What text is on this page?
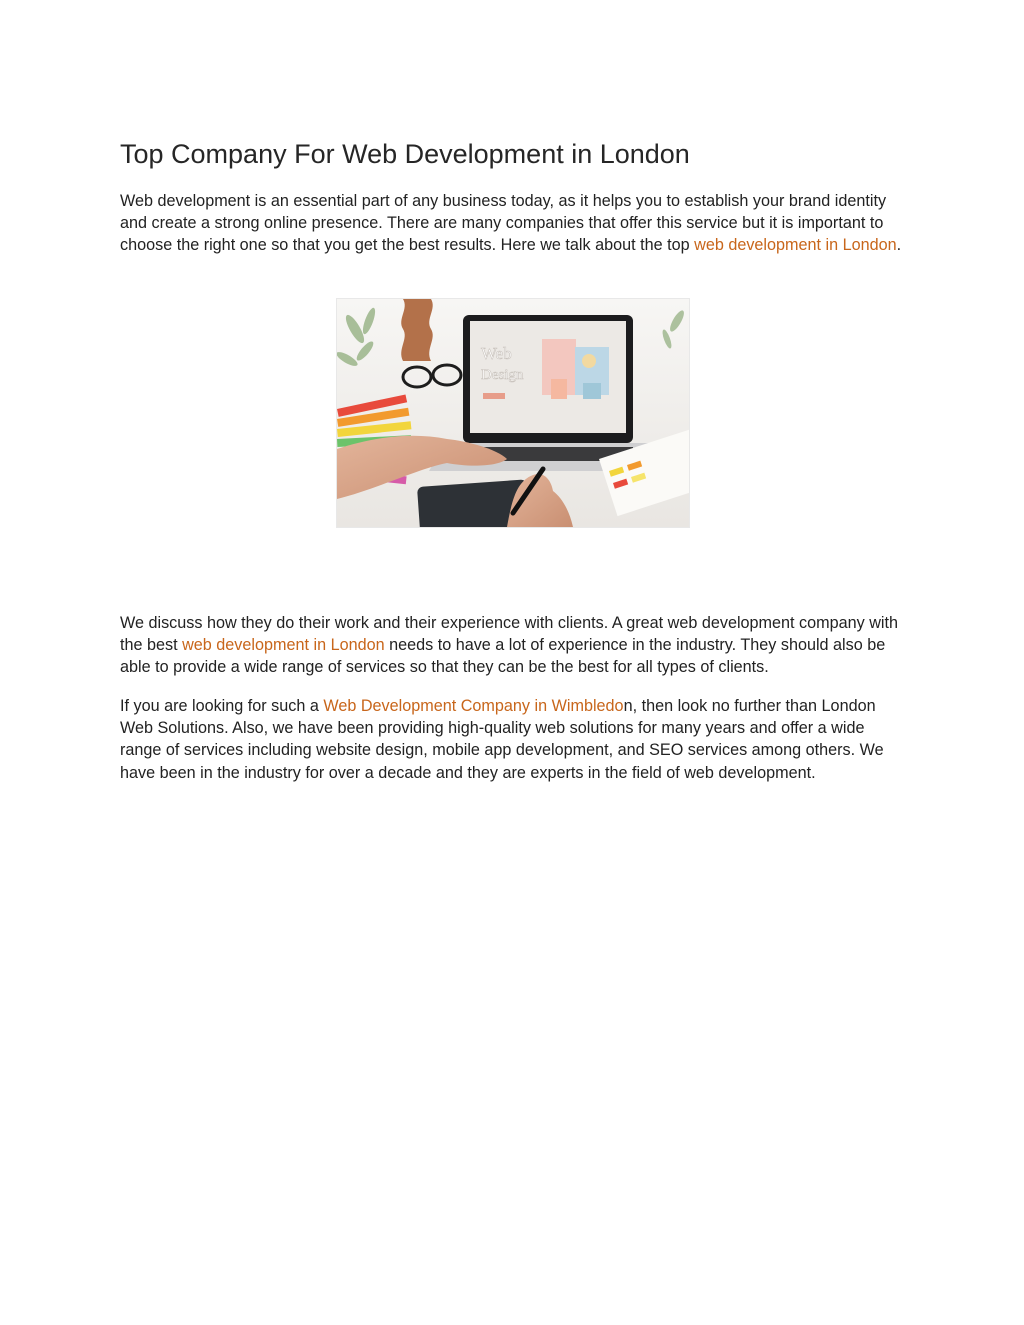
Top Company For Web Development in London

Web development is an essential part of any business today, as it helps you to establish your brand identity and create a strong online presence. There are many companies that offer this service but it is important to choose the right one so that you get the best results. Here we talk about the top web development in London.

Web
Design

We discuss how they do their work and their experience with clients. A great web development company with the best web development in London needs to have a lot of experience in the industry. They should also be able to provide a wide range of services so that they can be the best for all types of clients.

If you are looking for such a Web Development Company in Wimbledon, then look no further than London Web Solutions. Also, we have been providing high-quality web solutions for many years and offer a wide range of services including website design, mobile app development, and SEO services among others. We have been in the industry for over a decade and they are experts in the field of web development.
